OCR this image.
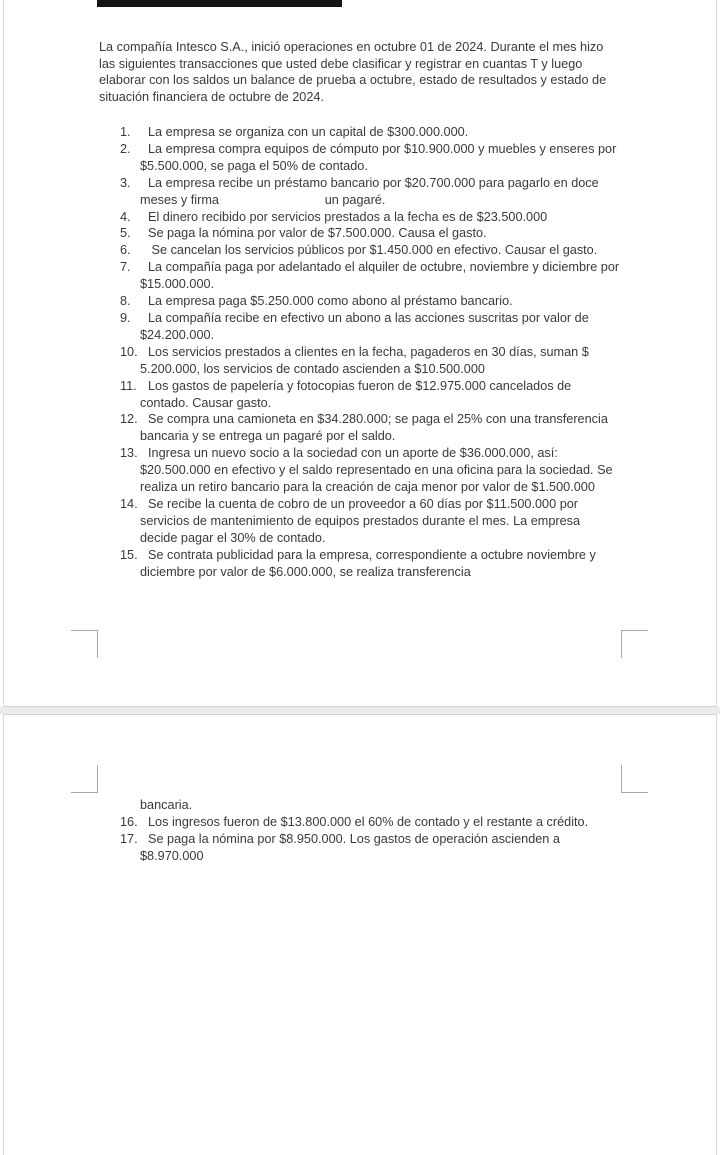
La compañía Intesco S.A., inició operaciones en octubre 01 de 2024. Durante el mes hizo las siguientes transacciones que usted debe clasificar y registrar en cuantas T y luego elaborar con los saldos un balance de prueba a octubre, estado de resultados y estado de situación financiera de octubre de 2024.

1.	La empresa se organiza con un capital de $300.000.000.
2.	La empresa compra equipos de cómputo por $10.900.000 y muebles y enseres por $5.500.000, se paga el 50% de contado.
3.	La empresa recibe un préstamo bancario por $20.700.000 para pagarlo en doce meses y firma                              un pagaré.
4.	El dinero recibido por servicios prestados a la fecha es de $23.500.000
5.	Se paga la nómina por valor de $7.500.000. Causa el gasto.
6.	Se cancelan los servicios públicos por $1.450.000 en efectivo. Causar el gasto.
7.	La compañía paga por adelantado el alquiler de octubre, noviembre y diciembre por $15.000.000.
8.	La empresa paga $5.250.000 como abono al préstamo bancario.
9.	La compañía recibe en efectivo un abono a las acciones suscritas por valor de $24.200.000.
10. Los servicios prestados a clientes en la fecha, pagaderos en 30 días, suman $ 5.200.000, los servicios de contado ascienden a $10.500.000
11. Los gastos de papelería y fotocopias fueron de $12.975.000 cancelados de contado. Causar gasto.
12. Se compra una camioneta en $34.280.000; se paga el 25% con una transferencia bancaria y se entrega un pagaré por el saldo.
13. Ingresa un nuevo socio a la sociedad con un aporte de $36.000.000, así: $20.500.000 en efectivo y el saldo representado en una oficina para la sociedad. Se realiza un retiro bancario para la creación de caja menor por valor de $1.500.000
14. Se recibe la cuenta de cobro de un proveedor a 60 días por $11.500.000 por servicios de mantenimiento de equipos prestados durante el mes. La empresa decide pagar el 30% de contado.
15. Se contrata publicidad para la empresa, correspondiente a octubre noviembre y diciembre por valor de $6.000.000, se realiza transferencia
bancaria.
16. Los ingresos fueron de $13.800.000 el 60% de contado y el restante a crédito.
17. Se paga la nómina por $8.950.000. Los gastos de operación ascienden a $8.970.000
